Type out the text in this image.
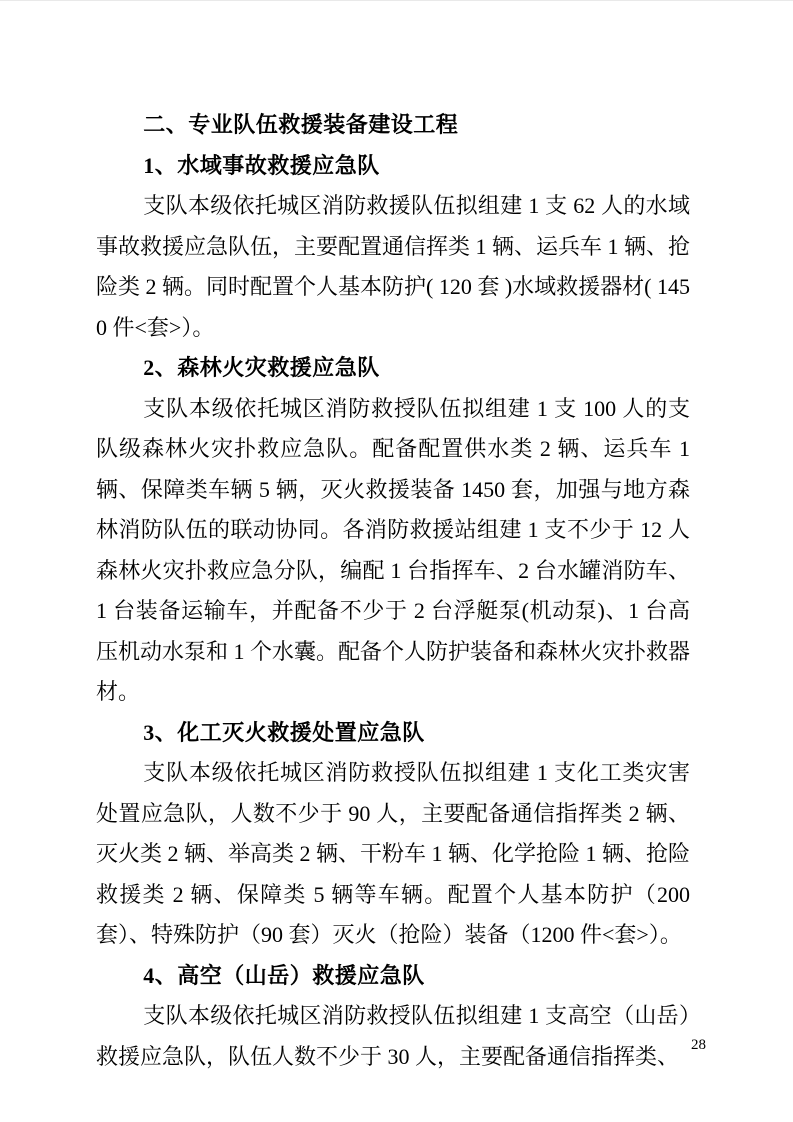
二、专业队伍救援装备建设工程
1、水域事故救援应急队

支队本级依托城区消防救援队伍拟组建 1 支 62 人的水域事故救援应急队伍，主要配置通信挥类 1 辆、运兵车 1 辆、抢险类 2 辆。同时配置个人基本防护( 120 套 )水域救援器材( 1450 件<套>）。

2、森林火灾救援应急队

支队本级依托城区消防救授队伍拟组建 1 支 100 人的支队级森林火灾扑救应急队。配备配置供水类 2 辆、运兵车 1 辆、保障类车辆 5 辆，灭火救援装备 1450 套，加强与地方森林消防队伍的联动协同。各消防救援站组建 1 支不少于 12 人森林火灾扑救应急分队，编配 1 台指挥车、2 台水罐消防车、1 台装备运输车，并配备不少于 2 台浮艇泵(机动泵)、1 台高压机动水泵和 1 个水囊。配备个人防护装备和森林火灾扑救器材。

3、化工灭火救援处置应急队

支队本级依托城区消防救授队伍拟组建 1 支化工类灾害处置应急队，人数不少于 90 人，主要配备通信指挥类 2 辆、灭火类 2 辆、举高类 2 辆、干粉车 1 辆、化学抢险 1 辆、抢险救援类 2 辆、保障类 5 辆等车辆。配置个人基本防护（200 套）、特殊防护（90 套）灭火（抢险）装备（1200 件<套>）。

4、高空（山岳）救援应急队

支队本级依托城区消防救授队伍拟组建 1 支高空（山岳）救援应急队，队伍人数不少于 30 人，主要配备通信指挥类、 28
